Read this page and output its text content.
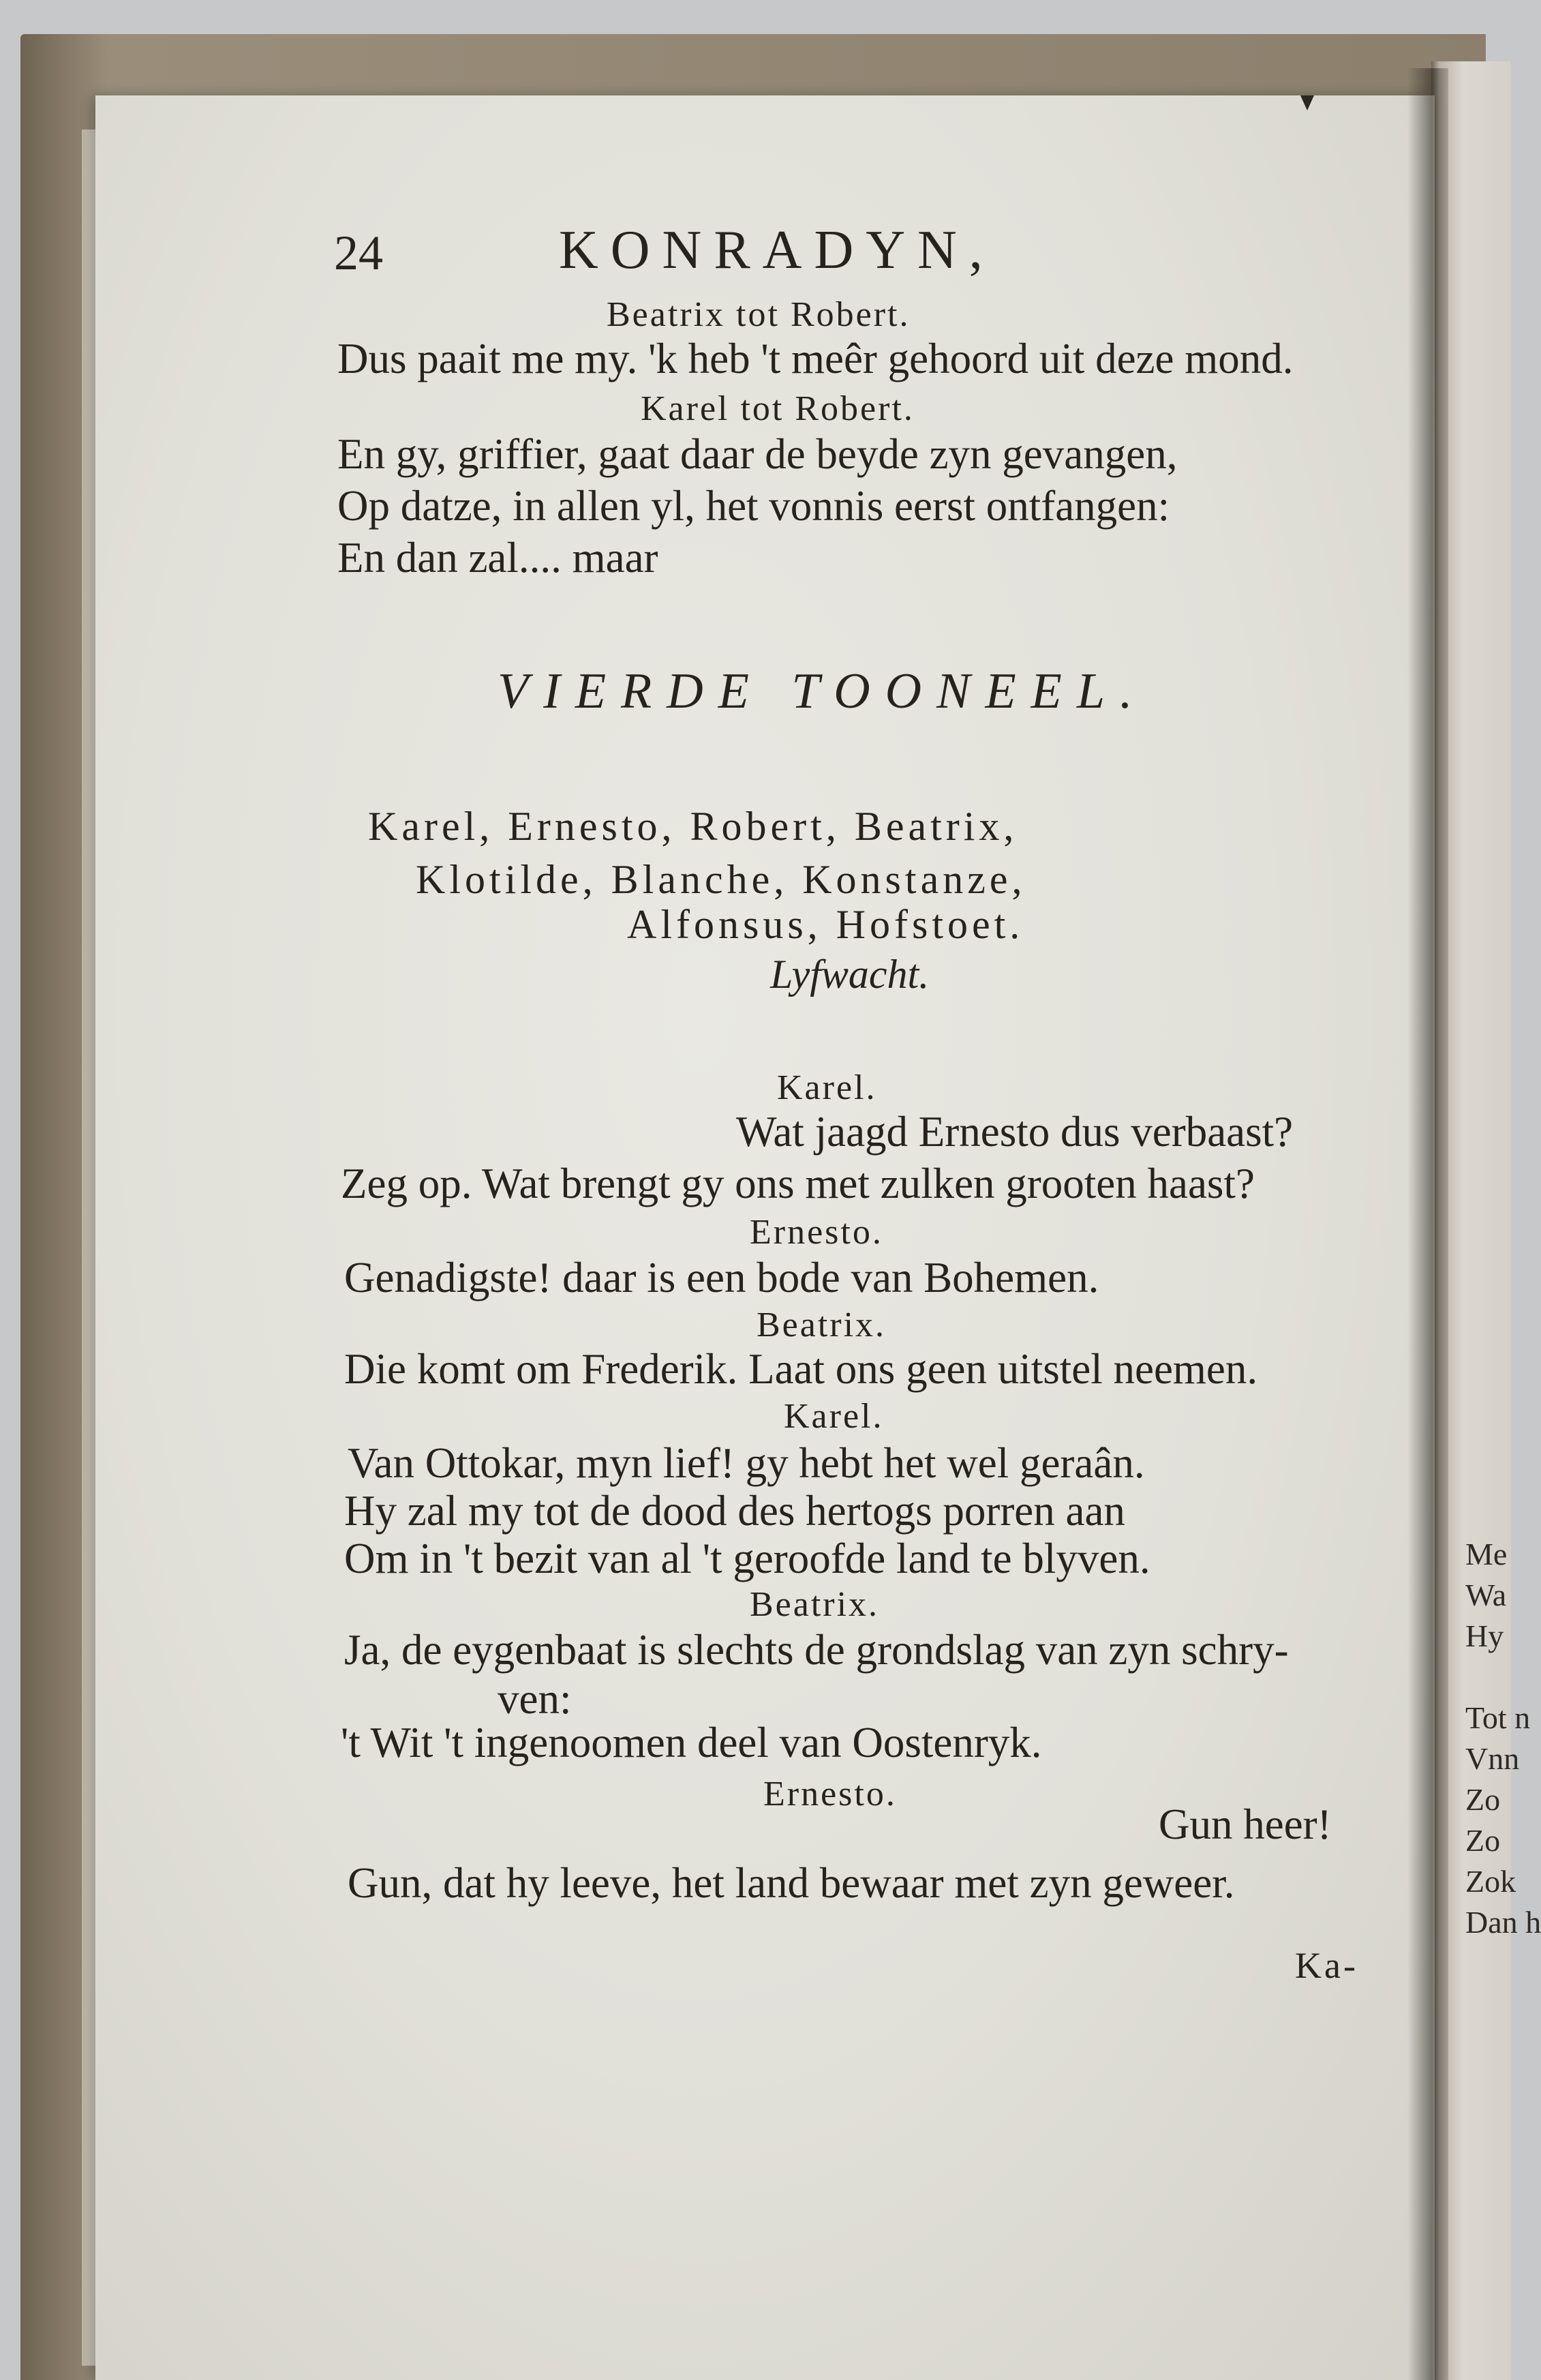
Me
Wa
Hy

Tot n
Vnn
Zo
Zo
Zok
Dan h
24	KONRADYN,
Beatrix tot Robert.
Dus paait me my. 'k heb 't meêr gehoord uit deze mond.
Karel tot Robert.
En gy, griffier, gaat daar de beyde zyn gevangen,
Op datze, in allen yl, het vonnis eerst ontfangen:
En dan zal.... maar
VIERDE TOONEEL.
Karel, Ernesto, Robert, Beatrix,
Klotilde, Blanche, Konstanze,
Alfonsus, Hofstoet.
Lyfwacht.
Karel.
Wat jaagd Ernesto dus verbaast?
Zeg op. Wat brengt gy ons met zulken grooten haast?
Ernesto.
Genadigste! daar is een bode van Bohemen.
Beatrix.
Die komt om Frederik. Laat ons geen uitstel neemen.
Karel.
Van Ottokar, myn lief! gy hebt het wel geraân.
Hy zal my tot de dood des hertogs porren aan
Om in 't bezit van al 't geroofde land te blyven.
Beatrix.
Ja, de eygenbaat is slechts de grondslag van zyn schry-
ven:
't Wit 't ingenoomen deel van Oostenryk.
Ernesto.
Gun heer!
Gun, dat hy leeve, het land bewaar met zyn geweer.
Ka-
